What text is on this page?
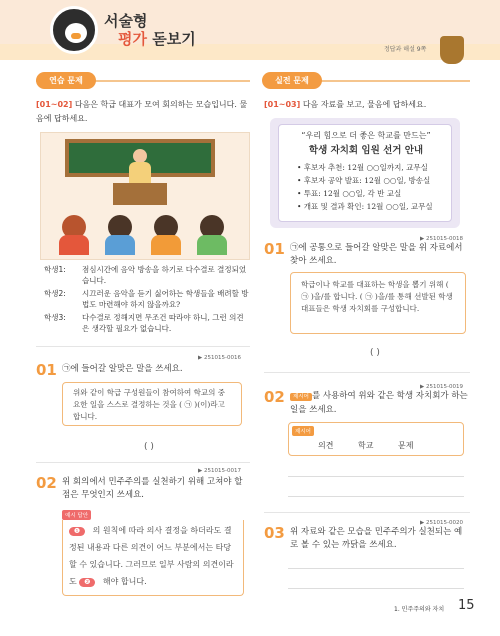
서술형
평가 돋보기
정답과 해설 9쪽
연습 문제
[01~02] 다음은 학급 대표가 모여 회의하는 모습입니다. 물음에 답하세요.
학생1: 점심시간에 음악 방송을 하기로 다수결로 결정되었습니다.
학생2: 시끄러운 음악을 듣기 싫어하는 학생들을 배려할 방법도 마련해야 하지 않을까요?
학생3: 다수결로 정해지면 무조건 따라야 하니, 그런 의견은 생각할 필요가 없습니다.
▶ 251015-0016
01 ㉠에 들어갈 알맞은 말을 쓰세요.
위와 같이 학급 구성원들이 참여하여 학교의 중요한 일을 스스로 결정하는 것을 ( ㉠ )(이)라고 합니다.
( )
▶ 251015-0017
02 위 회의에서 민주주의를 실천하기 위해 고쳐야 할 점은 무엇인지 쓰세요.
예시 답안
❶ 의 원칙에 따라 의사 결정을 하더라도 결정된 내용과 다른 의견이 어느 부분에서는 타당할 수 있습니다. 그러므로 일부 사람의 의견이라도 ❷ 해야 합니다.
실전 문제
[01~03] 다음 자료를 보고, 물음에 답하세요.
“우리 힘으로 더 좋은 학교를 만드는”
학생 자치회 임원 선거 안내
• 후보자 추천: 12월 ○○일까지, 교무실
• 후보자 공약 발표: 12월 ○○일, 방송실
• 투표: 12월 ○○일, 각 반 교실
• 개표 및 결과 확인: 12월 ○○일, 교무실
▶ 251015-0018
01 ㉠에 공통으로 들어갈 알맞은 말을 위 자료에서 찾아 쓰세요.
학급이나 학교를 대표하는 학생을 뽑기 위해 ( ㉠ )을/를 합니다. ( ㉠ )을/를 통해 선발된 학생 대표들은 학생 자치회를 구성합니다.
( )
▶ 251015-0019
02	제시어 를 사용하여 위와 같은 학생 자치회가 하는 일을 쓰세요.
제시어
의견 학교 문제
▶ 251015-0020
03 위 자료와 같은 모습을 민주주의가 실천되는 예로 볼 수 있는 까닭을 쓰세요.
1. 민주주의와 자치 15
